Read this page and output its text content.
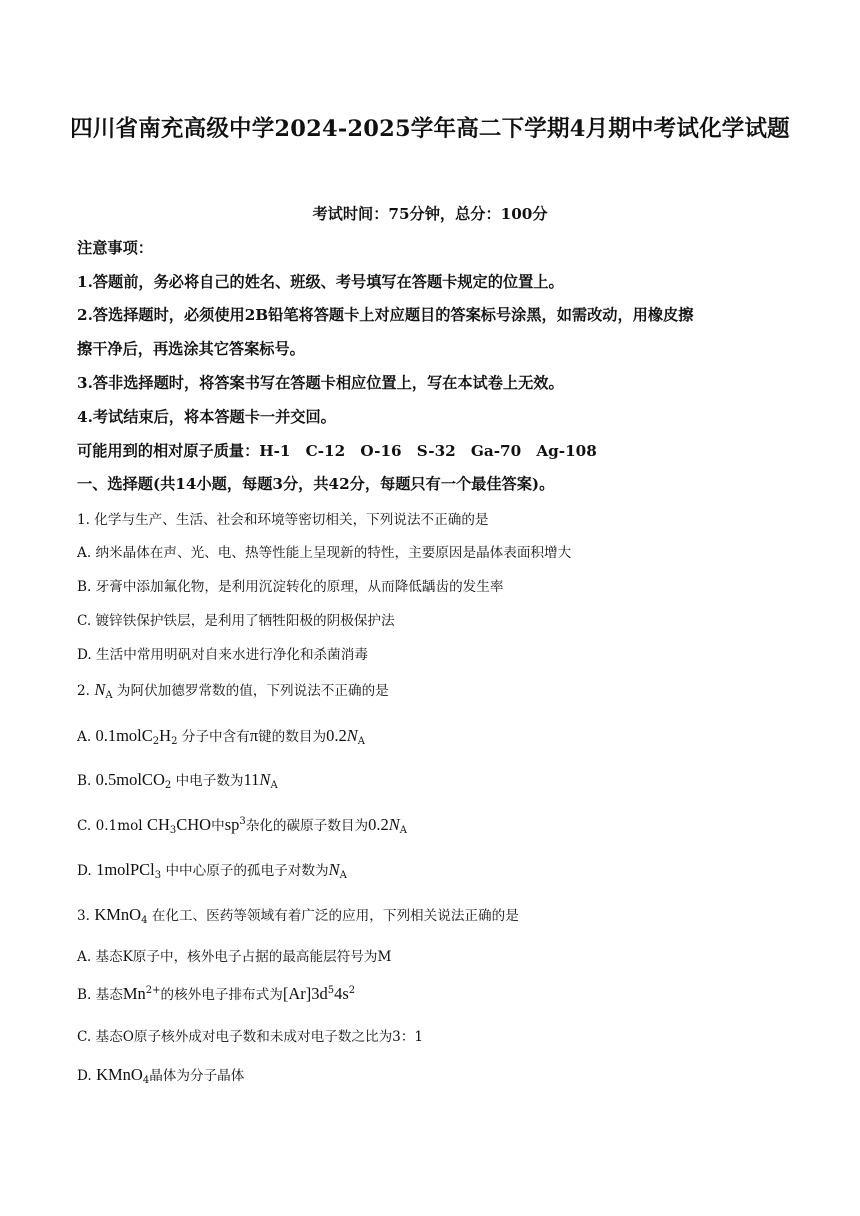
四川省南充高级中学2024-2025学年高二下学期4月期中考试化学试题
考试时间：75分钟，总分：100分
注意事项：
1.答题前，务必将自己的姓名、班级、考号填写在答题卡规定的位置上。
2.答选择题时，必须使用2B铅笔将答题卡上对应题目的答案标号涂黑，如需改动，用橡皮擦
擦干净后，再选涂其它答案标号。
3.答非选择题时，将答案书写在答题卡相应位置上，写在本试卷上无效。
4.考试结束后，将本答题卡一并交回。
可能用到的相对原子质量：H-1　C-12　O-16　S-32　Ga-70　Ag-108
一、选择题(共14小题，每题3分，共42分，每题只有一个最佳答案)。
1. 化学与生产、生活、社会和环境等密切相关，下列说法不正确的是
A. 纳米晶体在声、光、电、热等性能上呈现新的特性，主要原因是晶体表面积增大
B. 牙膏中添加氟化物，是利用沉淀转化的原理，从而降低龋齿的发生率
C. 镀锌铁保护铁层，是利用了牺牲阳极的阴极保护法
D. 生活中常用明矾对自来水进行净化和杀菌消毒
2. $N_A$ 为阿伏加德罗常数的值，下列说法不正确的是
A. $0.1molC_2H_2$ 分子中含有π键的数目为$0.2N_A$
B. 0.5molCO$_2$ 中电子数为$11N_A$
C. 0.1mol $CH_3CHO$中$sp^3$杂化的碳原子数目为$0.2N_A$
D. 1molPCl$_3$ 中中心原子的孤电子对数为$N_A$
3. KMnO$_4$ 在化工、医药等领域有着广泛的应用，下列相关说法正确的是
A. 基态K原子中，核外电子占据的最高能层符号为M
B. 基态$Mn^{2+}$的核外电子排布式为$[Ar]3d^54s^2$
C. 基态O原子核外成对电子数和未成对电子数之比为3：1
D. KMnO$_4$晶体为分子晶体
